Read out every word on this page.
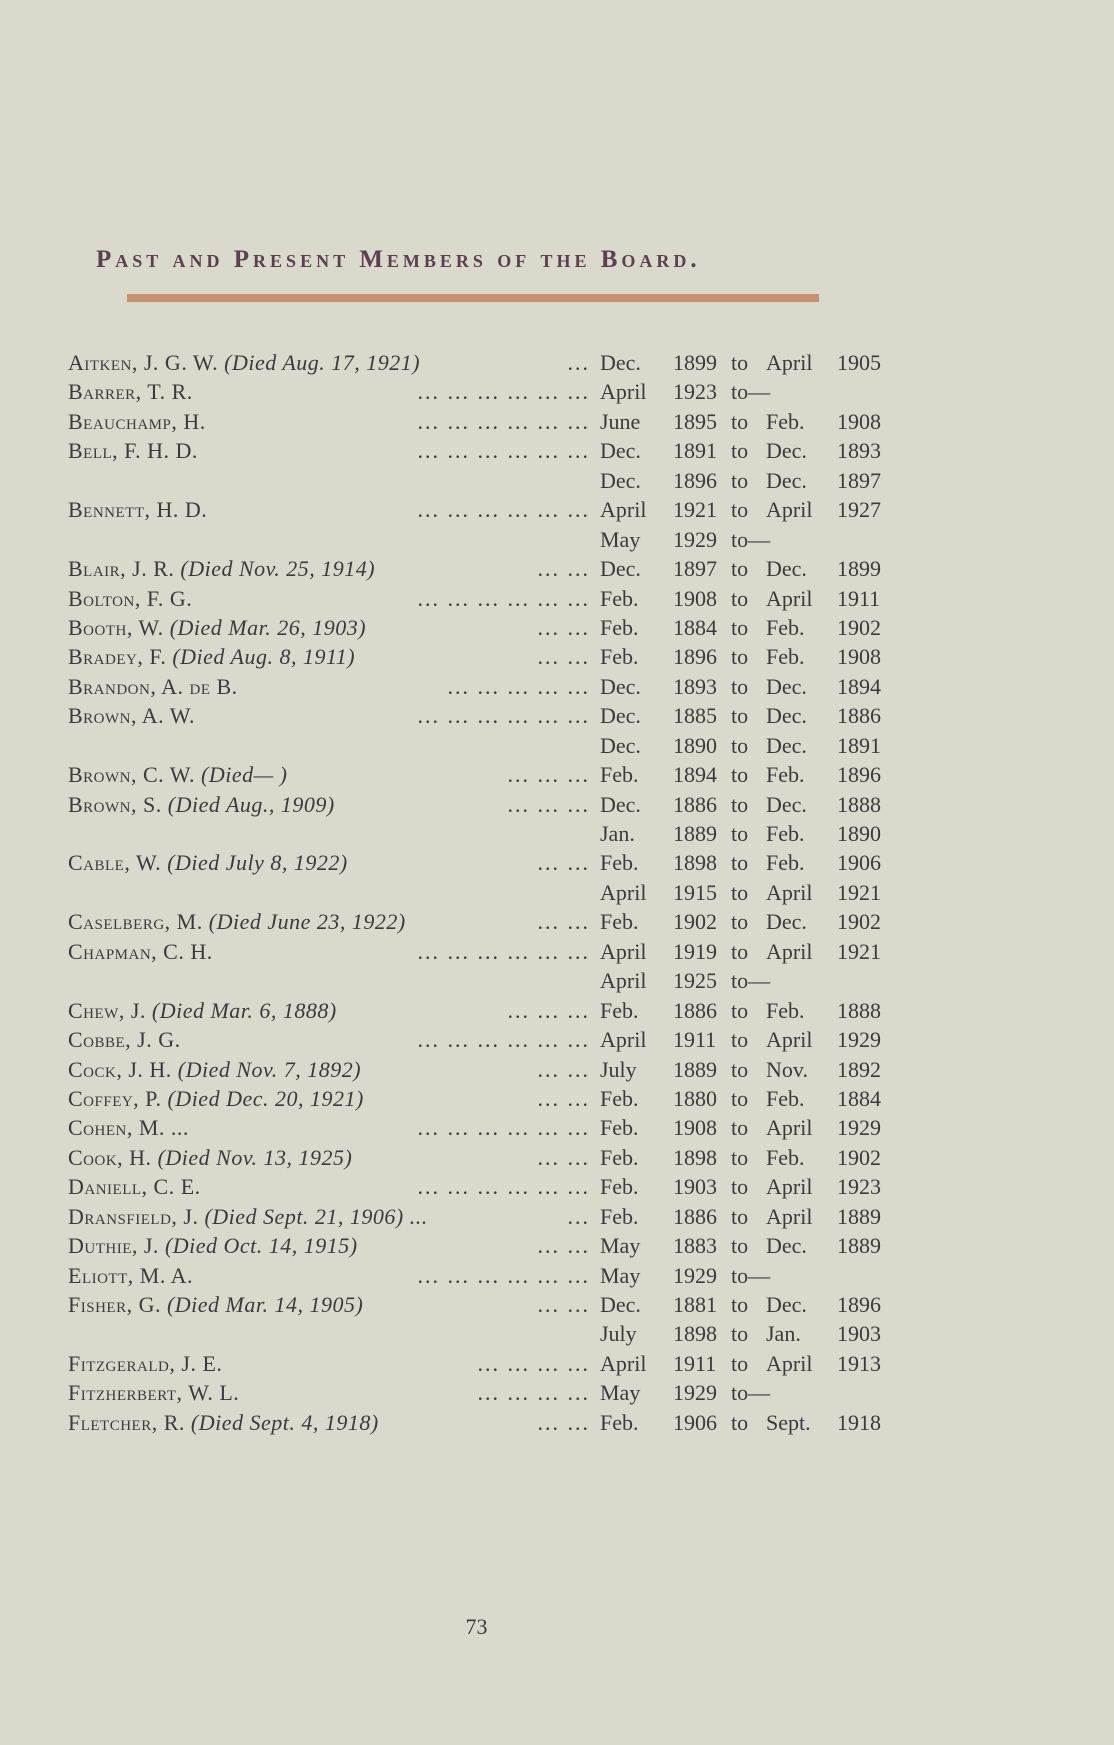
Past and Present Members of the Board.
Aitken, J. G. W. (Died Aug. 17, 1921)	... Dec. 1899 to April 1905
Barrer, T. R.	... ... ... ... ... ... April 1923 to—
Beauchamp, H.	... ... ... ... ... ... June 1895 to Feb. 1908
Bell, F. H. D.	... ... ... ... ... ... Dec. 1891 to Dec. 1893
Dec. 1896 to Dec. 1897
Bennett, H. D.	... ... ... ... ... ... April 1921 to April 1927
May 1929 to—
Blair, J. R. (Died Nov. 25, 1914)	... ... Dec. 1897 to Dec. 1899
Bolton, F. G.	... ... ... ... ... ... Feb. 1908 to April 1911
Booth, W. (Died Mar. 26, 1903)	... ... Feb. 1884 to Feb. 1902
Bradey, F. (Died Aug. 8, 1911)	... ... Feb. 1896 to Feb. 1908
Brandon, A. de B.	... ... ... ... ... Dec. 1893 to Dec. 1894
Brown, A. W.	... ... ... ... ... ... Dec. 1885 to Dec. 1886
Dec. 1890 to Dec. 1891
Brown, C. W. (Died— )	... ... ... Feb. 1894 to Feb. 1896
Brown, S. (Died Aug., 1909)	... ... ... Dec. 1886 to Dec. 1888
Jan. 1889 to Feb. 1890
Cable, W. (Died July 8, 1922)	... ... Feb. 1898 to Feb. 1906
April 1915 to April 1921
Caselberg, M. (Died June 23, 1922)	... ... Feb. 1902 to Dec. 1902
Chapman, C. H.	... ... ... ... ... ... April 1919 to April 1921
April 1925 to—
Chew, J. (Died Mar. 6, 1888)	... ... ... Feb. 1886 to Feb. 1888
Cobbe, J. G.	... ... ... ... ... ... April 1911 to April 1929
Cock, J. H. (Died Nov. 7, 1892)	... ... July 1889 to Nov. 1892
Coffey, P. (Died Dec. 20, 1921)	... ... Feb. 1880 to Feb. 1884
Cohen, M. ...	... ... ... ... ... ... Feb. 1908 to April 1929
Cook, H. (Died Nov. 13, 1925)	... ... Feb. 1898 to Feb. 1902
Daniell, C. E.	... ... ... ... ... ... Feb. 1903 to April 1923
Dransfield, J. (Died Sept. 21, 1906) ...	... Feb. 1886 to April 1889
Duthie, J. (Died Oct. 14, 1915)	... ... May 1883 to Dec. 1889
Eliott, M. A.	... ... ... ... ... ... May 1929 to—
Fisher, G. (Died Mar. 14, 1905)	... ... Dec. 1881 to Dec. 1896
July 1898 to Jan. 1903
Fitzgerald, J. E.	... ... ... ... April 1911 to April 1913
Fitzherbert, W. L.	... ... ... ... May 1929 to—
Fletcher, R. (Died Sept. 4, 1918)	... ... Feb. 1906 to Sept. 1918
73
